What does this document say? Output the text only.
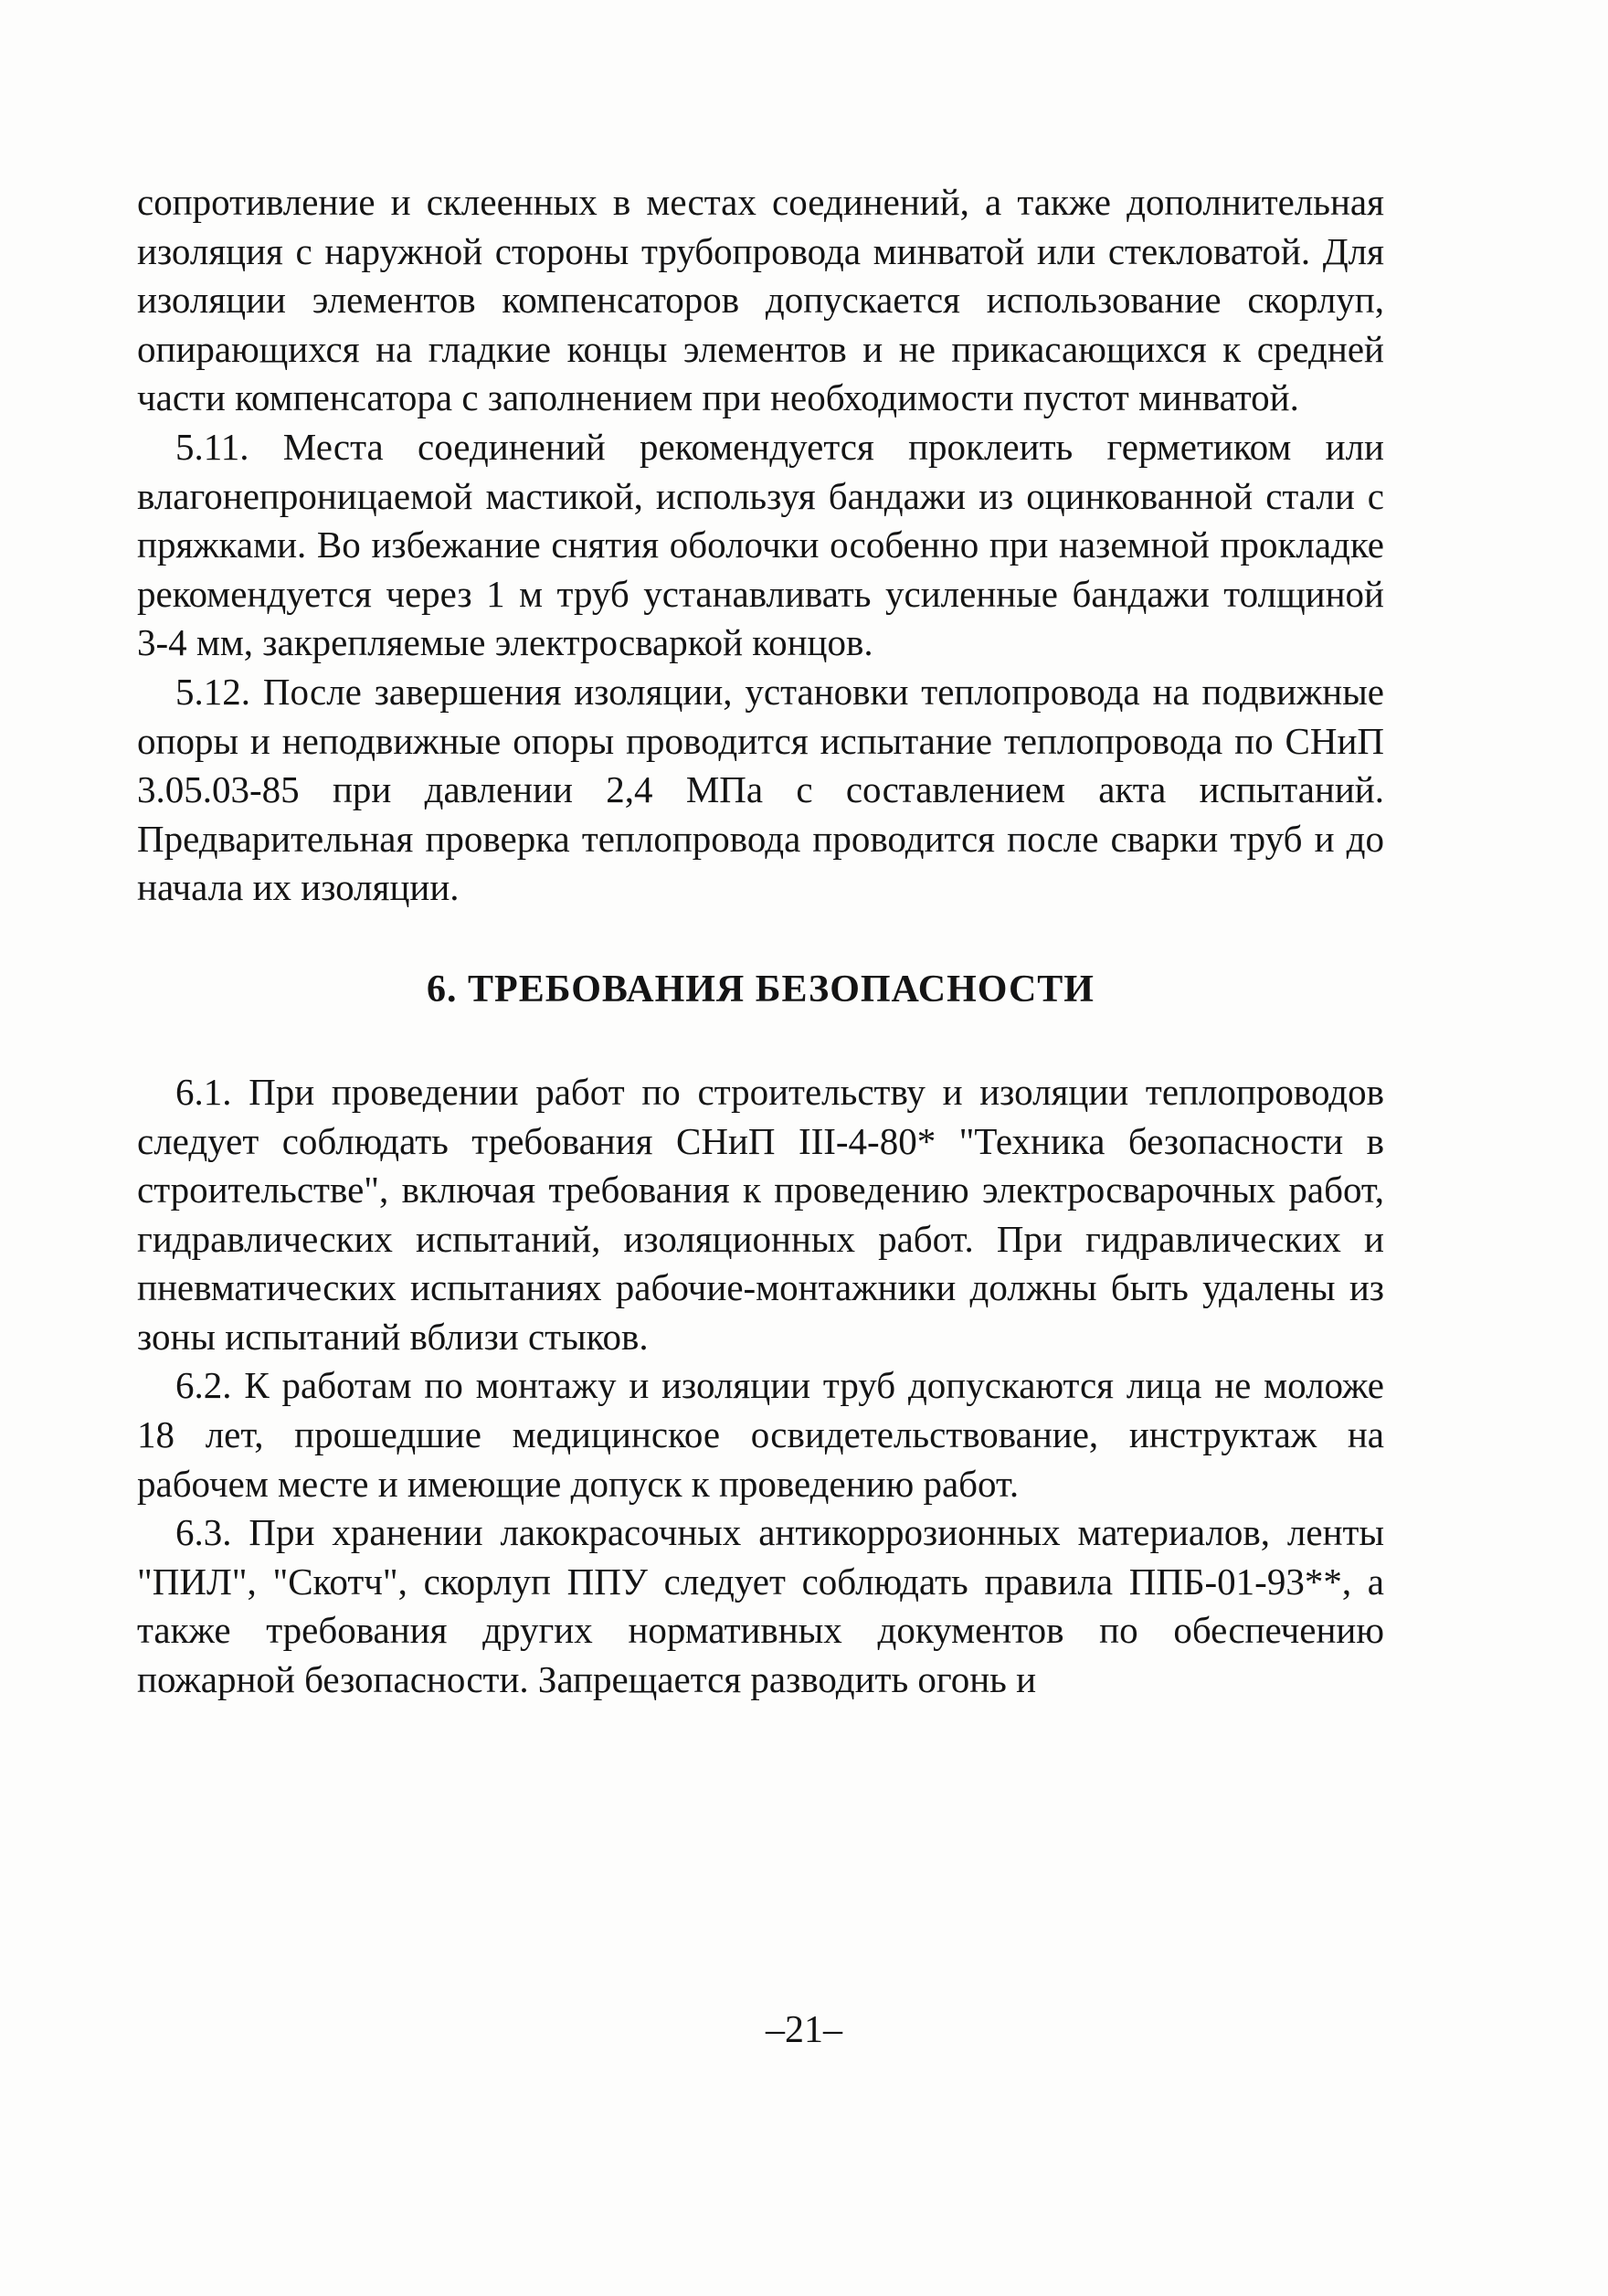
сопротивление и склеенных в местах соединений, а также дополнительная изоляция с наружной стороны трубопровода минватой или стекловатой. Для изоляции элементов компенсаторов допускается использование скорлуп, опирающихся на гладкие концы элементов и не прикасающихся к средней части компенсатора с заполнением при необходимости пустот минватой.

5.11. Места соединений рекомендуется проклеить герметиком или влагонепроницаемой мастикой, используя бандажи из оцинкованной стали с пряжками. Во избежание снятия оболочки особенно при наземной прокладке рекомендуется через 1 м труб устанавливать усиленные бандажи толщиной 3-4 мм, закрепляемые электросваркой концов.

5.12. После завершения изоляции, установки теплопровода на подвижные опоры и неподвижные опоры проводится испытание теплопровода по СНиП 3.05.03-85 при давлении 2,4 МПа с составлением акта испытаний. Предварительная проверка теплопровода проводится после сварки труб и до начала их изоляции.

6. ТРЕБОВАНИЯ БЕЗОПАСНОСТИ

6.1. При проведении работ по строительству и изоляции теплопроводов следует соблюдать требования СНиП III-4-80* "Техника безопасности в строительстве", включая требования к проведению электросварочных работ, гидравлических испытаний, изоляционных работ. При гидравлических и пневматических испытаниях рабочие-монтажники должны быть удалены из зоны испытаний вблизи стыков.

6.2. К работам по монтажу и изоляции труб допускаются лица не моложе 18 лет, прошедшие медицинское освидетельствование, инструктаж на рабочем месте и имеющие допуск к проведению работ.

6.3. При хранении лакокрасочных антикоррозионных материалов, ленты "ПИЛ", "Скотч", скорлуп ППУ следует соблюдать правила ППБ-01-93**, а также требования других нормативных документов по обеспечению пожарной безопасности. Запрещается разводить огонь и

–21–
